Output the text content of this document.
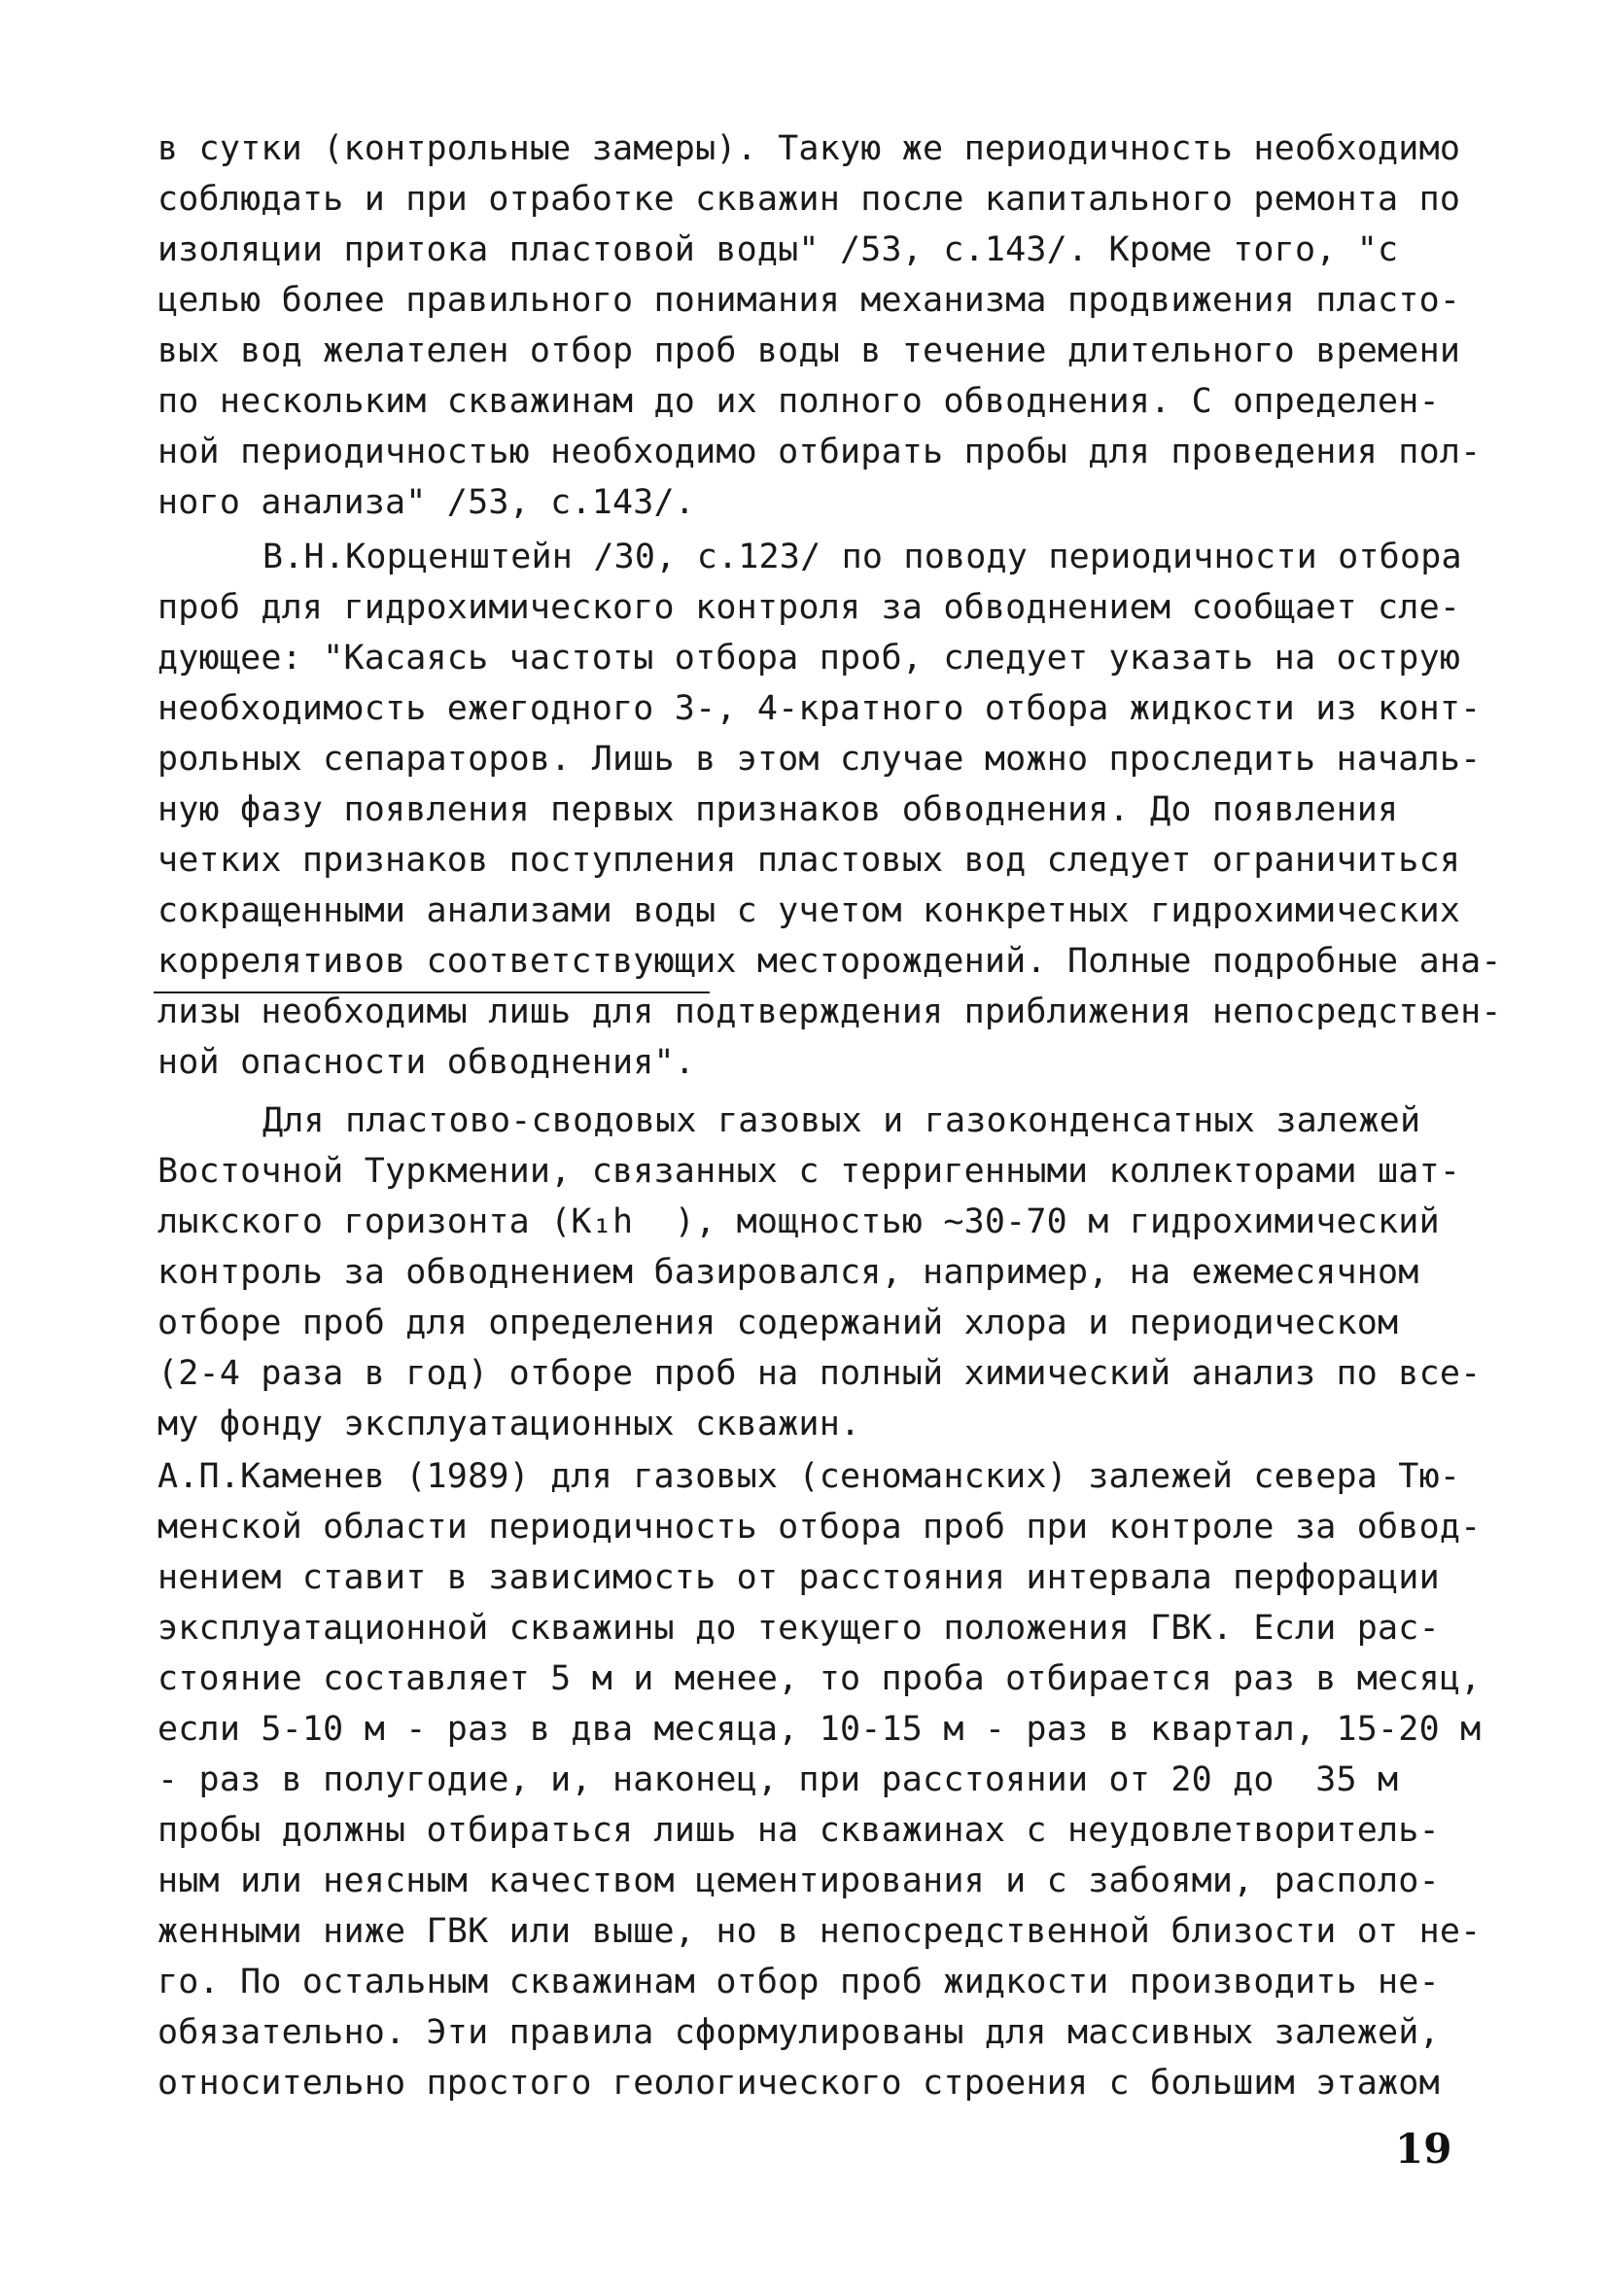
в сутки (контрольные замеры). Такую же периодичность необходимо
соблюдать и при отработке скважин после капитального ремонта по
изоляции притока пластовой воды" /53, с.143/. Кроме того, "с
целью более правильного понимания механизма продвижения пласто-
вых вод желателен отбор проб воды в течение длительного времени
по нескольким скважинам до их полного обводнения. С определен-
ной периодичностью необходимо отбирать пробы для проведения пол-
ного анализа" /53, с.143/.
В.Н.Корценштейн /30, с.123/ по поводу периодичности отбора
проб для гидрохимического контроля за обводнением сообщает сле-
дующее: "Касаясь частоты отбора проб, следует указать на острую
необходимость ежегодного 3-, 4-кратного отбора жидкости из конт-
рольных сепараторов. Лишь в этом случае можно проследить началь-
ную фазу появления первых признаков обводнения. До появления
четких признаков поступления пластовых вод следует ограничиться
сокращенными анализами воды с учетом конкретных гидрохимических
коррелятивов соответствующих месторождений. Полные подробные ана-
лизы необходимы лишь для подтверждения приближения непосредствен-
ной опасности обводнения".
Для пластово-сводовых газовых и газоконденсатных залежей
Восточной Туркмении, связанных с терригенными коллекторами шат-
лыкского горизонта (K₁h  ), мощностью ~30-70 м гидрохимический
контроль за обводнением базировался, например, на ежемесячном
отборе проб для определения содержаний хлора и периодическом
(2-4 раза в год) отборе проб на полный химический анализ по все-
му фонду эксплуатационных скважин.
А.П.Каменев (1989) для газовых (сеноманских) залежей севера Тю-
менской области периодичность отбора проб при контроле за обвод-
нением ставит в зависимость от расстояния интервала перфорации
эксплуатационной скважины до текущего положения ГВК. Если рас-
стояние составляет 5 м и менее, то проба отбирается раз в месяц,
если 5-10 м - раз в два месяца, 10-15 м - раз в квартал, 15-20 м
- раз в полугодие, и, наконец, при расстоянии от 20 до  35 м
пробы должны отбираться лишь на скважинах с неудовлетворитель-
ным или неясным качеством цементирования и с забоями, располо-
женными ниже ГВК или выше, но в непосредственной близости от не-
го. По остальным скважинам отбор проб жидкости производить не-
обязательно. Эти правила сформулированы для массивных залежей,
относительно простого геологического строения с большим этажом
19
